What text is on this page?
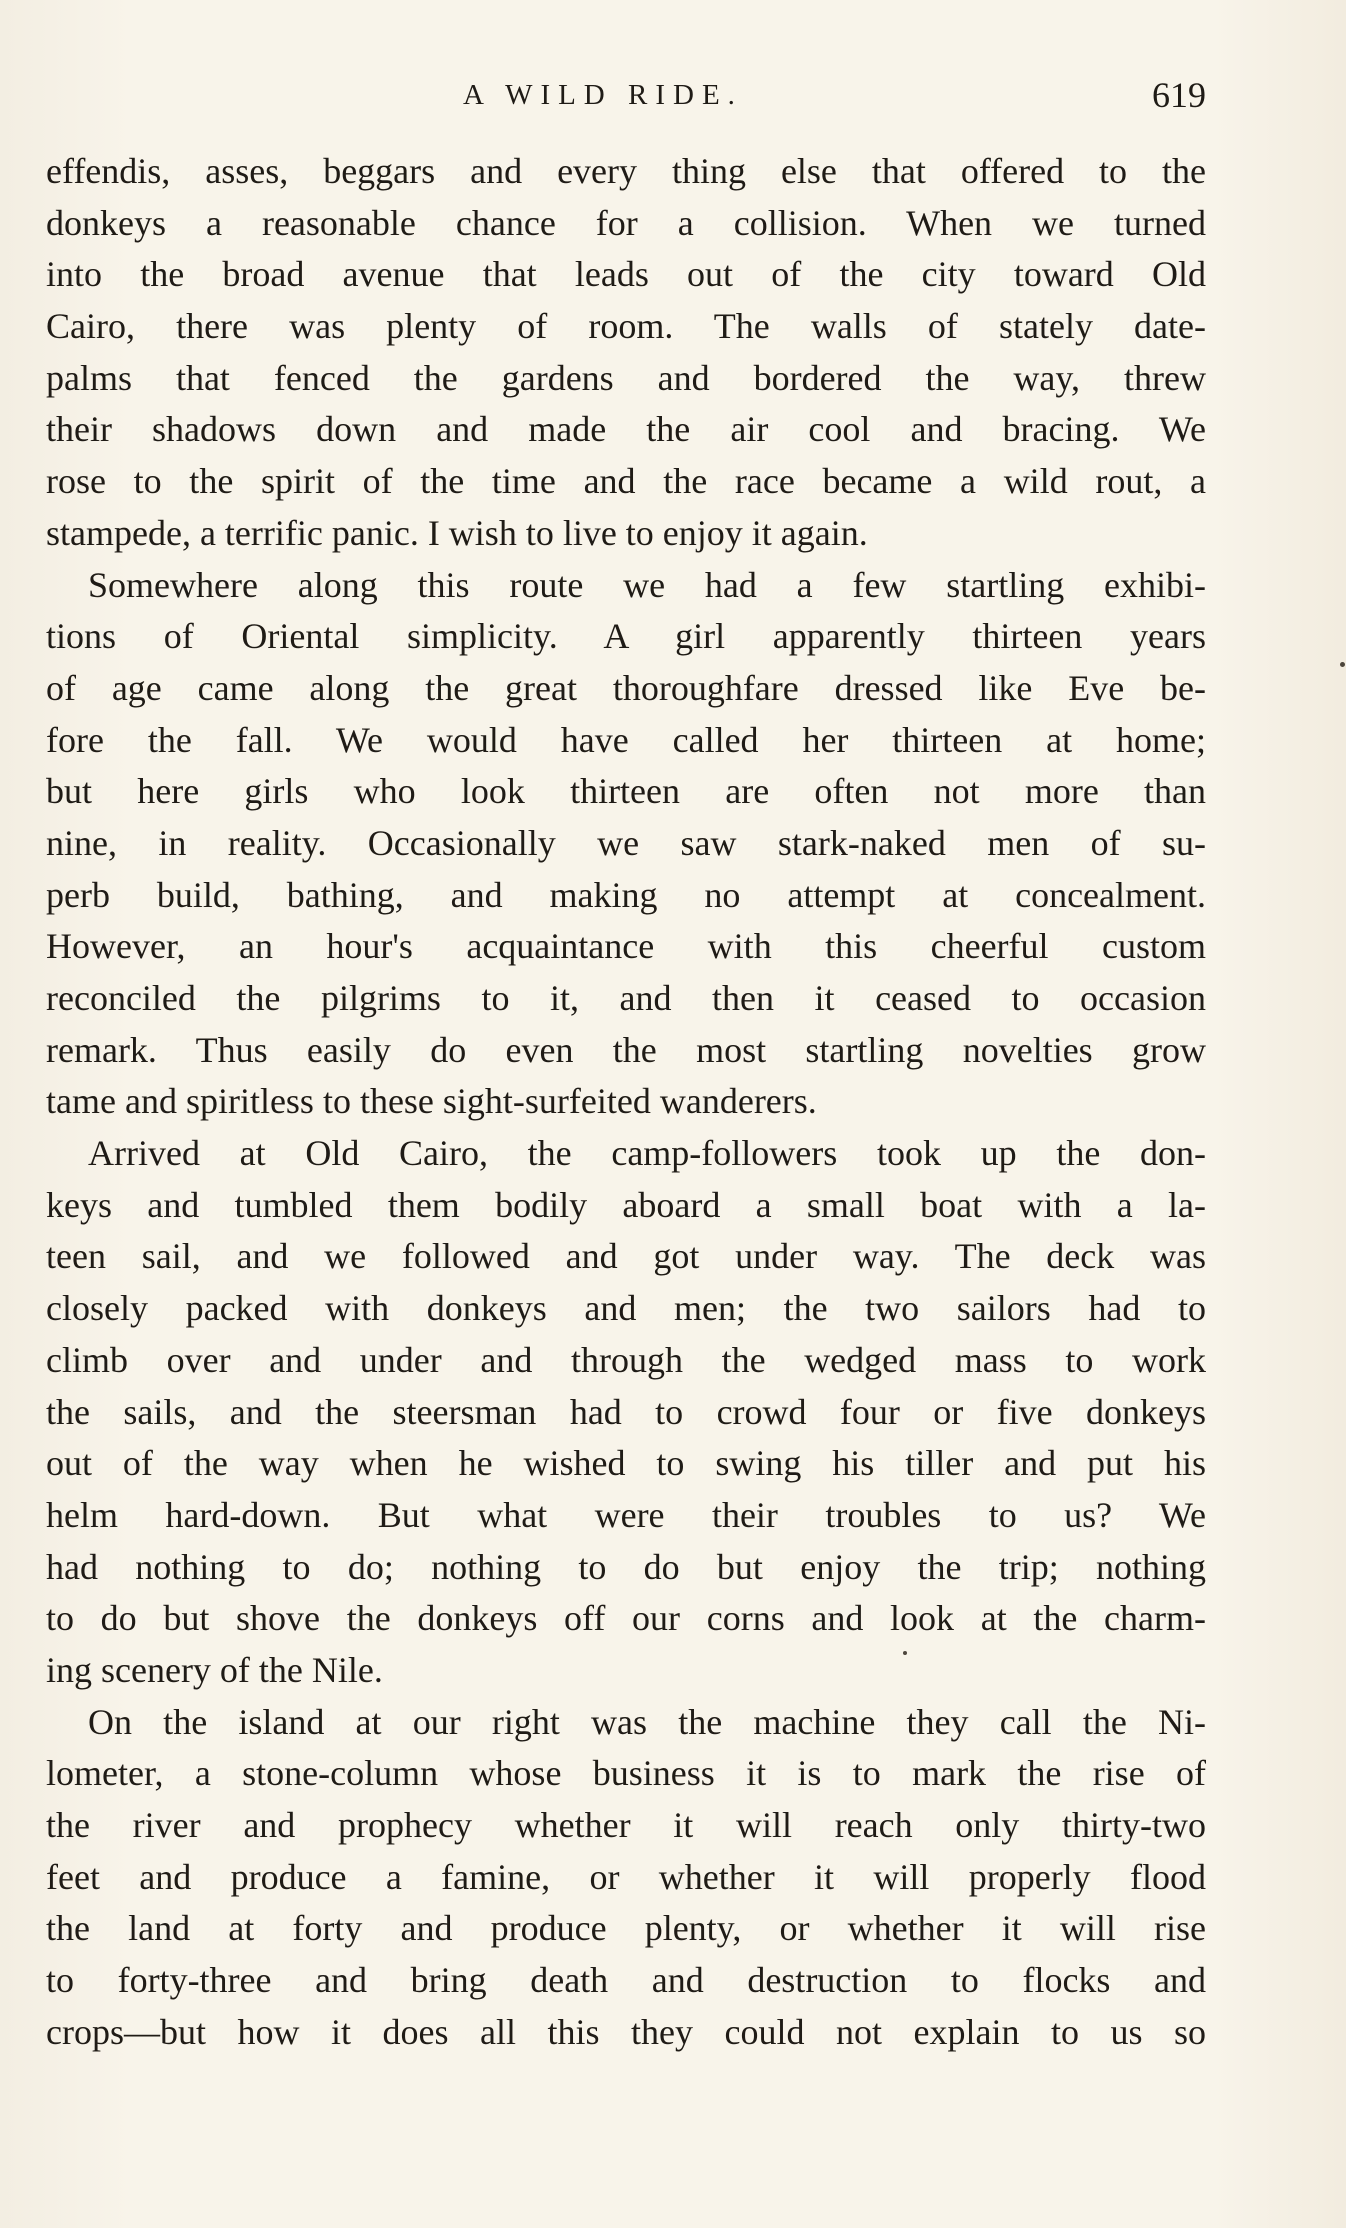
A WILD RIDE.	619
effendis, asses, beggars and every thing else that offered to the
donkeys a reasonable chance for a collision. When we turned
into the broad avenue that leads out of the city toward Old
Cairo, there was plenty of room. The walls of stately date-
palms that fenced the gardens and bordered the way, threw
their shadows down and made the air cool and bracing. We
rose to the spirit of the time and the race became a wild rout, a
stampede, a terrific panic. I wish to live to enjoy it again.
Somewhere along this route we had a few startling exhibi-
tions of Oriental simplicity. A girl apparently thirteen years
of age came along the great thoroughfare dressed like Eve be-
fore the fall. We would have called her thirteen at home;
but here girls who look thirteen are often not more than
nine, in reality. Occasionally we saw stark-naked men of su-
perb build, bathing, and making no attempt at concealment.
However, an hour's acquaintance with this cheerful custom
reconciled the pilgrims to it, and then it ceased to occasion
remark. Thus easily do even the most startling novelties grow
tame and spiritless to these sight-surfeited wanderers.
Arrived at Old Cairo, the camp-followers took up the don-
keys and tumbled them bodily aboard a small boat with a la-
teen sail, and we followed and got under way. The deck was
closely packed with donkeys and men; the two sailors had to
climb over and under and through the wedged mass to work
the sails, and the steersman had to crowd four or five donkeys
out of the way when he wished to swing his tiller and put his
helm hard-down. But what were their troubles to us? We
had nothing to do; nothing to do but enjoy the trip; nothing
to do but shove the donkeys off our corns and look at the charm-
ing scenery of the Nile.
On the island at our right was the machine they call the Ni-
lometer, a stone-column whose business it is to mark the rise of
the river and prophecy whether it will reach only thirty-two
feet and produce a famine, or whether it will properly flood
the land at forty and produce plenty, or whether it will rise
to forty-three and bring death and destruction to flocks and
crops—but how it does all this they could not explain to us so
